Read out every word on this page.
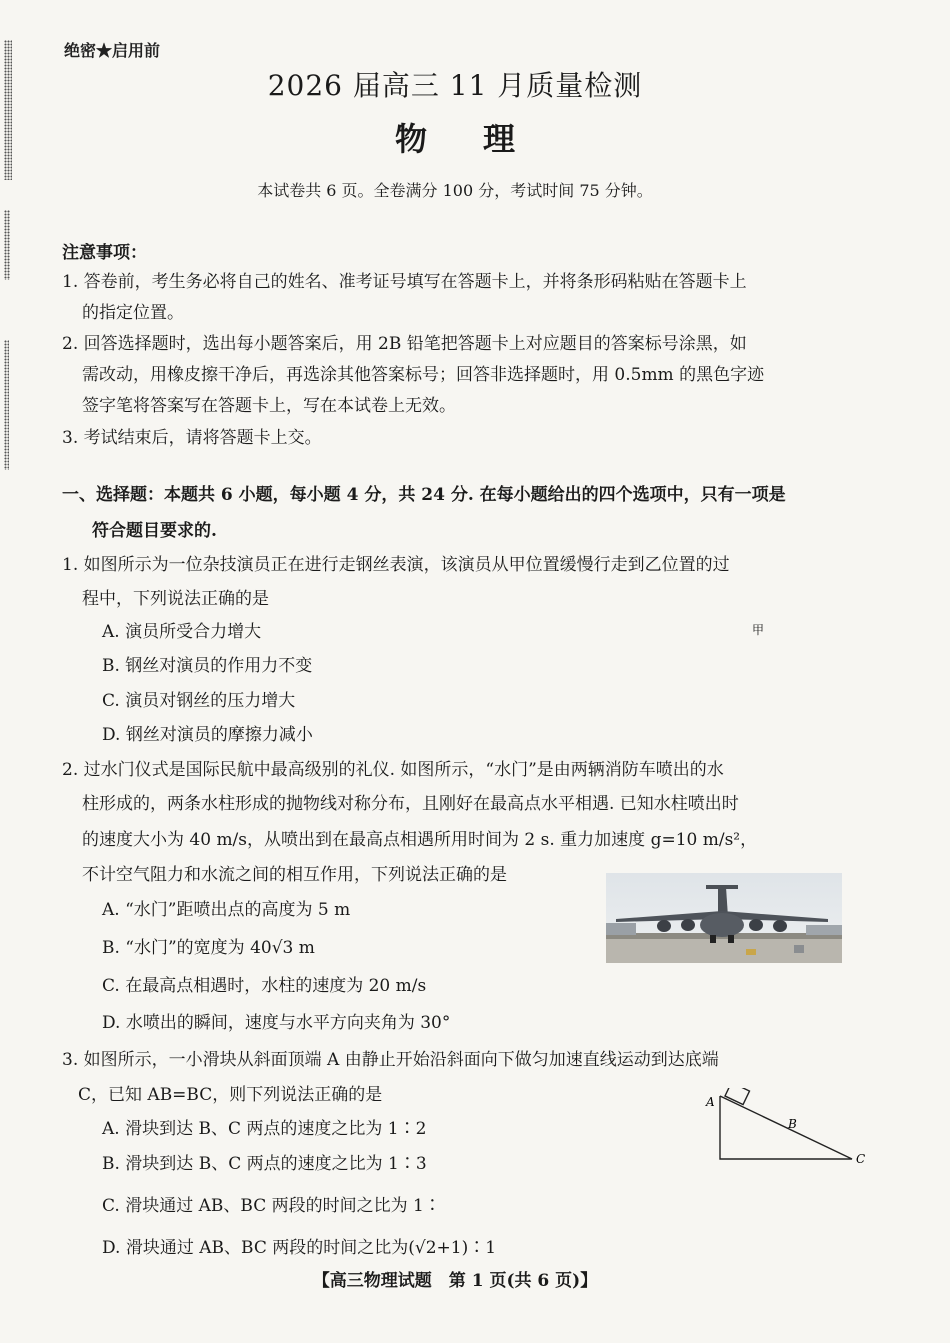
绝密★启用前
2026 届高三 11 月质量检测
物理
本试卷共 6 页。全卷满分 100 分，考试时间 75 分钟。
注意事项：
1. 答卷前，考生务必将自己的姓名、准考证号填写在答题卡上，并将条形码粘贴在答题卡上
的指定位置。
2. 回答选择题时，选出每小题答案后，用 2B 铅笔把答题卡上对应题目的答案标号涂黑，如
需改动，用橡皮擦干净后，再选涂其他答案标号；回答非选择题时，用 0.5mm 的黑色字迹
签字笔将答案写在答题卡上，写在本试卷上无效。
3. 考试结束后，请将答题卡上交。
一、选择题：本题共 6 小题，每小题 4 分，共 24 分. 在每小题给出的四个选项中，只有一项是
符合题目要求的.
1. 如图所示为一位杂技演员正在进行走钢丝表演，该演员从甲位置缓慢行走到乙位置的过
程中，下列说法正确的是
A. 演员所受合力增大
B. 钢丝对演员的作用力不变
C. 演员对钢丝的压力增大
D. 钢丝对演员的摩擦力减小
甲
2. 过水门仪式是国际民航中最高级别的礼仪. 如图所示，“水门”是由两辆消防车喷出的水
柱形成的，两条水柱形成的抛物线对称分布，且刚好在最高点水平相遇. 已知水柱喷出时
的速度大小为 40 m/s，从喷出到在最高点相遇所用时间为 2 s. 重力加速度 g=10 m/s²，
不计空气阻力和水流之间的相互作用，下列说法正确的是
A. “水门”距喷出点的高度为 5 m
B. “水门”的宽度为 40√3 m
C. 在最高点相遇时，水柱的速度为 20 m/s
D. 水喷出的瞬间，速度与水平方向夹角为 30°
3. 如图所示，一小滑块从斜面顶端 A 由静止开始沿斜面向下做匀加速直线运动到达底端
C，已知 AB=BC，则下列说法正确的是
A. 滑块到达 B、C 两点的速度之比为 1∶2
B. 滑块到达 B、C 两点的速度之比为 1∶3
C. 滑块通过 AB、BC 两段的时间之比为 1∶
D. 滑块通过 AB、BC 两段的时间之比为(√2+1)∶1
A
B
C
【高三物理试题　第 1 页(共 6 页)】
